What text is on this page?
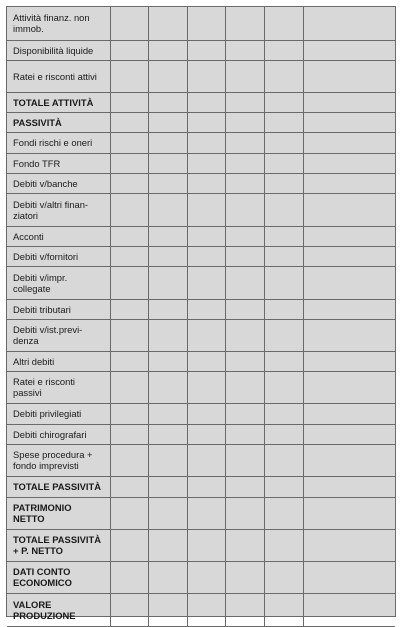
Attività finanz. non immob.						
Disponibilità liquide						
Ratei e risconti attivi						
TOTALE ATTIVITÀ						
PASSIVITÀ						
Fondi rischi e oneri						
Fondo TFR						
Debiti v/banche						
Debiti v/altri finan-ziatori						
Acconti						
Debiti v/fornitori						
Debiti v/impr. collegate						
Debiti tributari						
Debiti v/ist.previ-denza						
Altri debiti						
Ratei e risconti passivi						
Debiti privilegiati						
Debiti chirografari						
Spese procedura + fondo imprevisti						
TOTALE PASSIVITÀ						
PATRIMONIO NETTO						
TOTALE PASSIVITÀ + P. NETTO						
DATI CONTO ECONOMICO						
VALORE PRODUZIONE						
